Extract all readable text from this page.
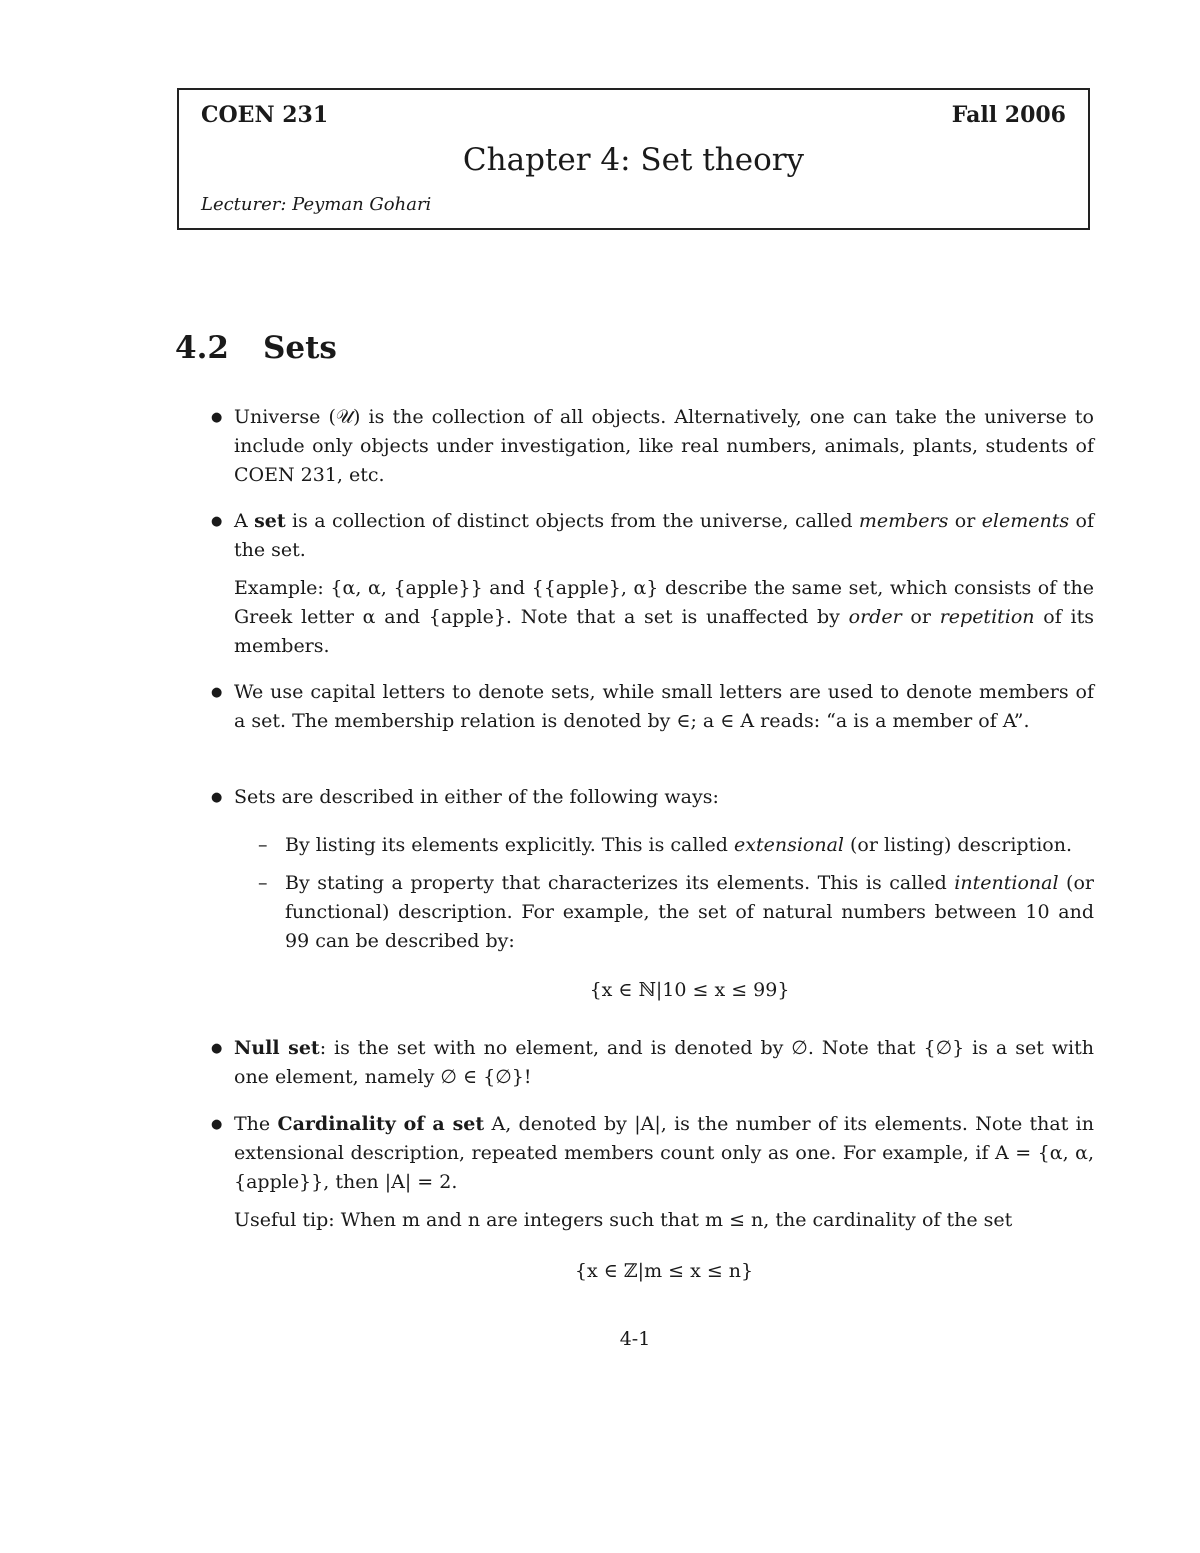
COEN 231	Fall 2006
Chapter 4: Set theory
Lecturer: Peyman Gohari
4.2 Sets
● Universe (𝒰) is the collection of all objects. Alternatively, one can take the universe to include only objects under investigation, like real numbers, animals, plants, students of COEN 231, etc.

● A set is a collection of distinct objects from the universe, called members or elements of the set.

Example: {α, α, {apple}} and {{apple}, α} describe the same set, which consists of the Greek letter α and {apple}. Note that a set is unaffected by order or repetition of its members.

● We use capital letters to denote sets, while small letters are used to denote members of a set. The membership relation is denoted by ∈; a ∈ A reads: “a is a member of A”.

● Sets are described in either of the following ways:

– By listing its elements explicitly. This is called extensional (or listing) description.

– By stating a property that characterizes its elements. This is called intentional (or functional) description. For example, the set of natural numbers between 10 and 99 can be described by:

{x ∈ ℕ|10 ≤ x ≤ 99}
● Null set: is the set with no element, and is denoted by ∅. Note that {∅} is a set with one element, namely ∅ ∈ {∅}!

● The Cardinality of a set A, denoted by |A|, is the number of its elements. Note that in extensional description, repeated members count only as one. For example, if A = {α, α, {apple}}, then |A| = 2.

Useful tip: When m and n are integers such that m ≤ n, the cardinality of the set

{x ∈ ℤ|m ≤ x ≤ n}
4-1
